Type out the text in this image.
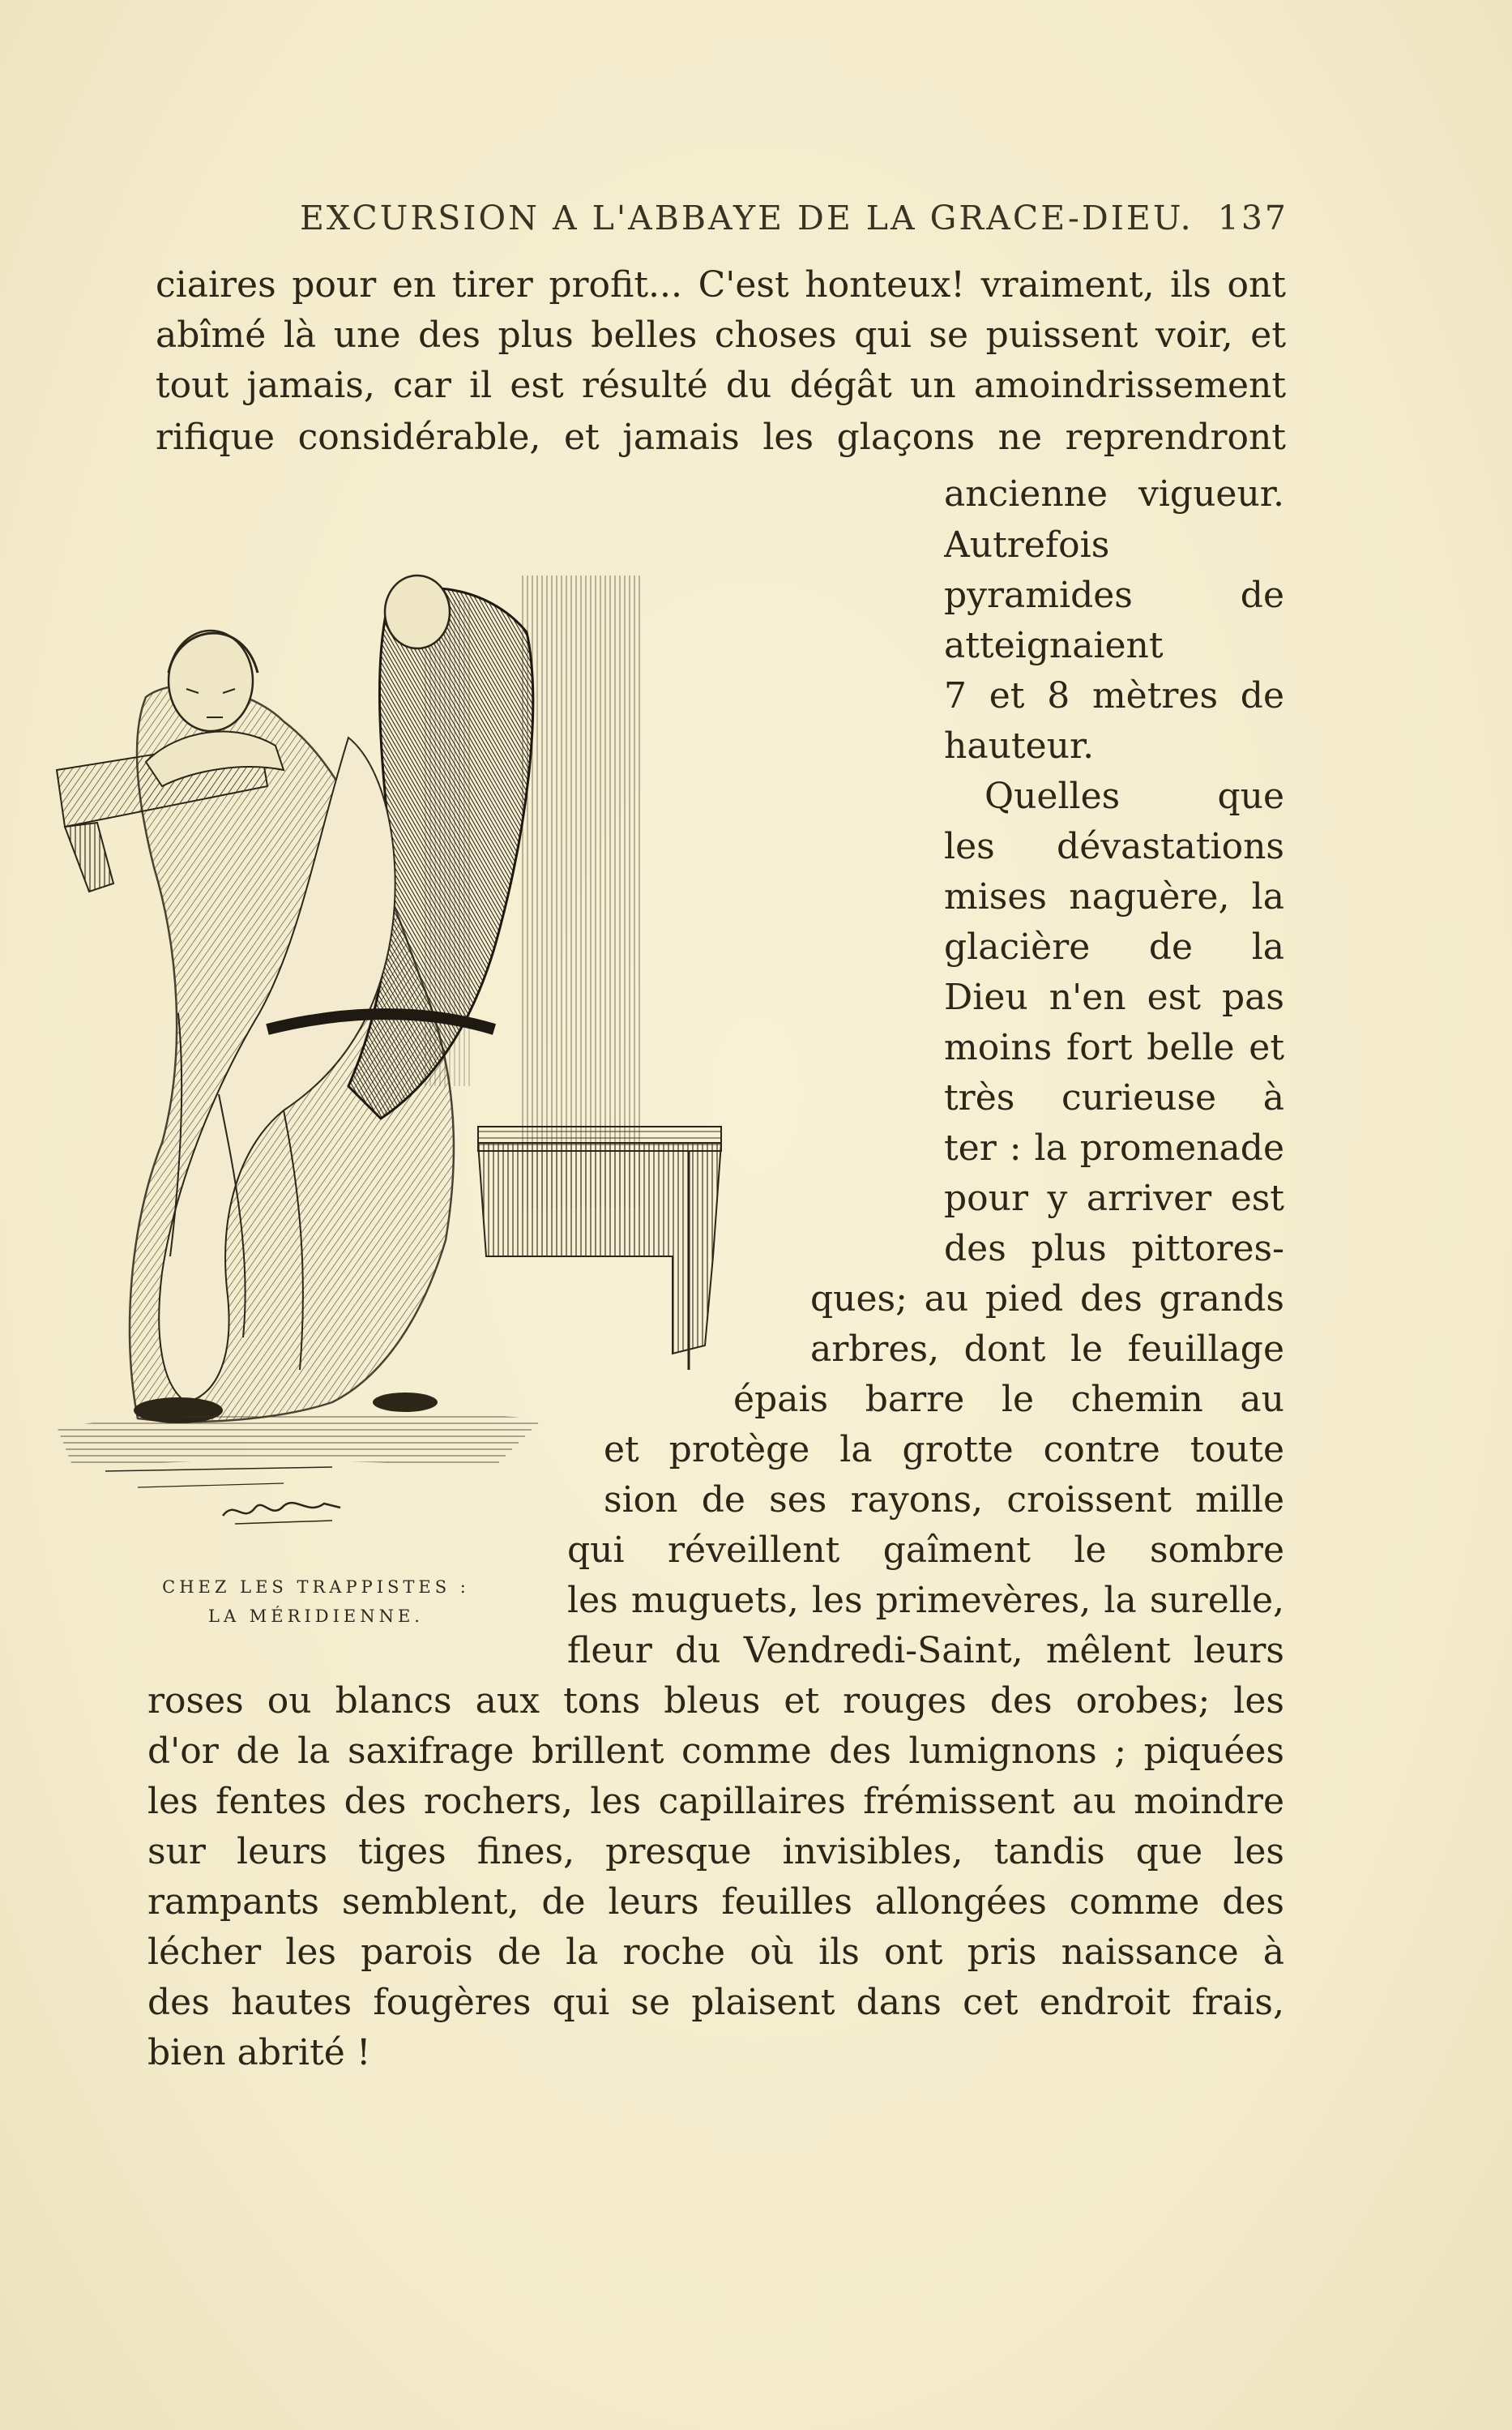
EXCURSION A L'ABBAYE DE LA GRACE-DIEU. 137
ciaires pour en tirer profit... C'est honteux! vraiment, ils ont
abîmé là une des plus belles choses qui se puissent voir, et
tout jamais, car il est résulté du dégât un amoindrissement
rifique considérable, et jamais les glaçons ne reprendront
ancienne vigueur.
Autrefois
pyramides de
atteignaient
7 et 8 mètres de
hauteur.
Quelles que
les dévastations
mises naguère, la
glacière de la
Dieu n'en est pas
moins fort belle et
très curieuse à
ter : la promenade
pour y arriver est
des plus pittores-
ques; au pied des grands
arbres, dont le feuillage
épais barre le chemin au
et protège la grotte contre toute
sion de ses rayons, croissent mille
qui réveillent gaîment le sombre
les muguets, les primevères, la surelle,
fleur du Vendredi-Saint, mêlent leurs
roses ou blancs aux tons bleus et rouges des orobes; les
d'or de la saxifrage brillent comme des lumignons ; piquées
les fentes des rochers, les capillaires frémissent au moindre
sur leurs tiges fines, presque invisibles, tandis que les
rampants semblent, de leurs feuilles allongées comme des
lécher les parois de la roche où ils ont pris naissance à
des hautes fougères qui se plaisent dans cet endroit frais,
bien abrité !
CHEZ LES TRAPPISTES :
LA MÉRIDIENNE.
